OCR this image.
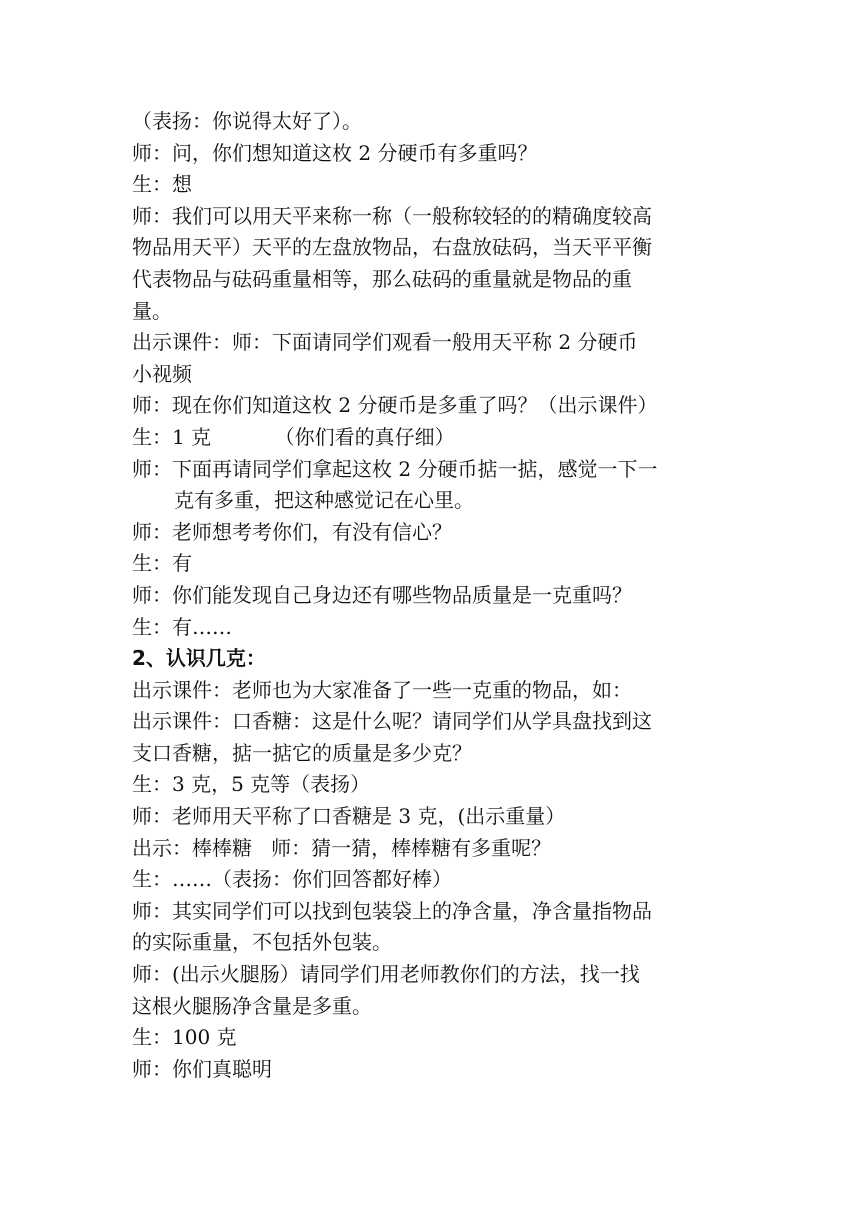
（表扬：你说得太好了）。
师：问，你们想知道这枚 2 分硬币有多重吗？
生：想
师：我们可以用天平来称一称（一般称较轻的的精确度较高
物品用天平）天平的左盘放物品，右盘放砝码，当天平平衡
代表物品与砝码重量相等，那么砝码的重量就是物品的重
量。
出示课件：师：下面请同学们观看一般用天平称 2 分硬币
小视频
师：现在你们知道这枚 2 分硬币是多重了吗？（出示课件）
生：1 克          （你们看的真仔细）
师：下面再请同学们拿起这枚 2 分硬币掂一掂，感觉一下一
克有多重，把这种感觉记在心里。
师：老师想考考你们，有没有信心？
生：有
师：你们能发现自己身边还有哪些物品质量是一克重吗？
生：有……
2、认识几克：
出示课件：老师也为大家准备了一些一克重的物品，如：
出示课件：口香糖：这是什么呢？请同学们从学具盘找到这
支口香糖，掂一掂它的质量是多少克？
生：3 克，5 克等（表扬）
师：老师用天平称了口香糖是 3 克，(出示重量）
出示：棒棒糖   师：猜一猜，棒棒糖有多重呢？
生：……（表扬：你们回答都好棒）
师：其实同学们可以找到包装袋上的净含量，净含量指物品
的实际重量，不包括外包装。
师：(出示火腿肠）请同学们用老师教你们的方法，找一找
这根火腿肠净含量是多重。
生：100 克
师：你们真聪明
